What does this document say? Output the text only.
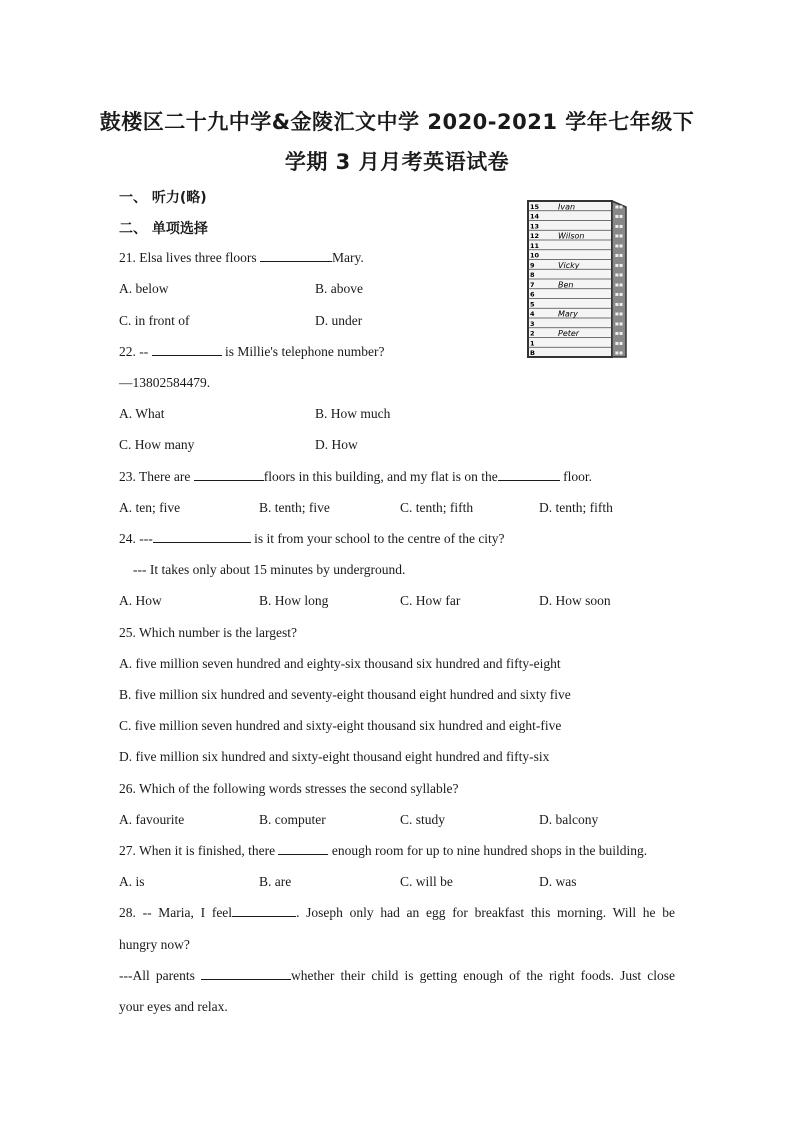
鼓楼区二十九中学&金陵汇文中学 2020-2021 学年七年级下
学期 3 月月考英语试卷
一、 听力(略)
二、 单项选择
▪▪
▪▪
▪▪
▪▪
▪▪
▪▪
▪▪
▪▪
▪▪
▪▪
▪▪
▪▪
▪▪
▪▪
▪▪
▪▪
15
14
13
12
11
10
9
8
7
6
5
4
3
2
1
B
Ivan
Wilson
Vicky
Ben
Mary
Peter
21. Elsa lives three floors	Mary.
A. below	B. above
C. in front of	D. under
22. --	is Millie's telephone number?
—13802584479.
A. What	B. How much
C. How many	D. How
23. There are	floors in this building, and my flat is on the	floor.
A. ten; five	B. tenth; five	C. tenth; fifth	D. tenth; fifth
24. ---	is it from your school to the centre of the city?
--- It takes only about 15 minutes by underground.
A. How	B. How long	C. How far	D. How soon
25. Which number is the largest?
A. five million seven hundred and eighty-six thousand six hundred and fifty-eight
B. five million six hundred and seventy-eight thousand eight hundred and sixty five
C. five million seven hundred and sixty-eight thousand six hundred and eight-five
D. five million six hundred and sixty-eight thousand eight hundred and fifty-six
26. Which of the following words stresses the second syllable?
A. favourite	B. computer	C. study	D. balcony
27. When it is finished, there	enough room for up to nine hundred shops in the building.
A. is	B. are	C. will be	D. was
28. -- Maria, I feel	. Joseph only had an egg for breakfast this morning. Will he be
hungry now?
---All parents	whether their child is getting enough of the right foods. Just close
your eyes and relax.
